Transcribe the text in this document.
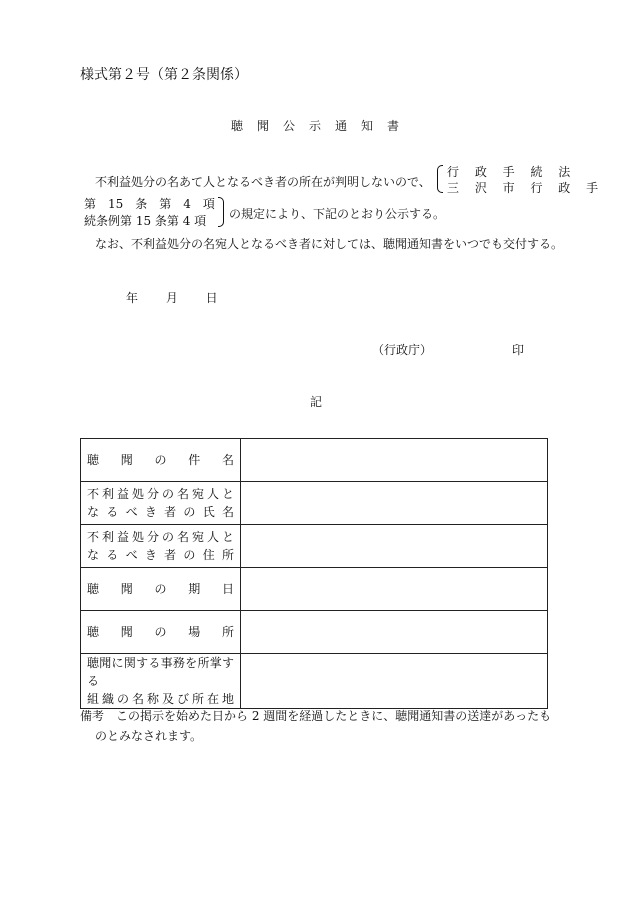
様式第２号（第２条関係）
聴聞公示通知書
不利益処分の名あて人となるべき者の所在が判明しないので、
行 政 手 続 法
三 沢 市 行 政 手
第　15　条　第　4　項
続条例第 15 条第 4 項 の規定により、下記のとおり公示する。
なお、不利益処分の名宛人となるべき者に対しては、聴聞通知書をいつでも交付する。
年 月 日
（行政庁）	印
記
聴聞の件名	

不利益処分の名宛人と
なるべき者の氏名	

不利益処分の名宛人と
なるべき者の住所	

聴聞の期日	

聴聞の場所	

聴聞に関する事務を所掌する
組織の名称及び所在地	

備考　この掲示を始めた日から 2 週間を経過したときに、聴聞通知書の送達があったも
のとみなされます。
